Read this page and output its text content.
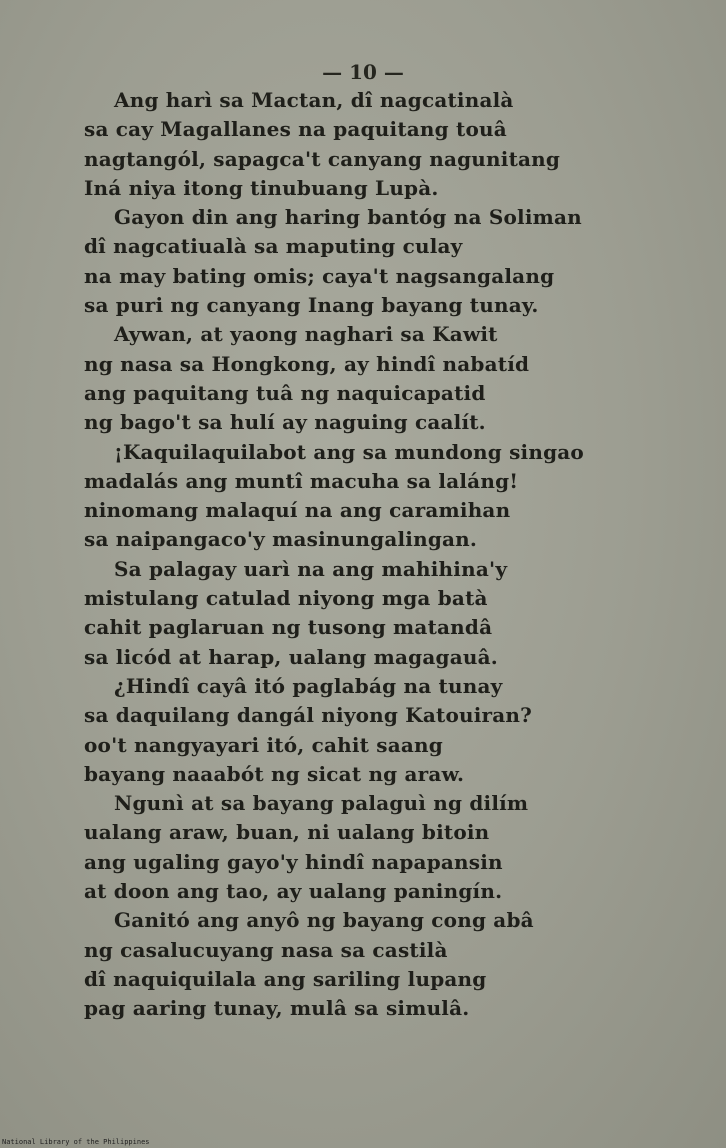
— 10 —
Ang harì sa Mactan, dî nagcatinalà
sa cay Magallanes na paquitang touâ
nagtangól, sapagca't canyang nagunitang
Iná niya itong tinubuang Lupà.
Gayon din ang haring bantóg na Soliman
dî nagcatiualà sa maputing culay
na may bating omis; caya't nagsangalang
sa puri ng canyang Inang bayang tunay.
Aywan, at yaong naghari sa Kawit
ng nasa sa Hongkong, ay hindî nabatíd
ang paquitang tuâ ng naquicapatid
ng bago't sa hulí ay naguing caalít.
¡Kaquilaquilabot ang sa mundong singao
madalás ang muntî macuha sa laláng!
ninomang malaquí na ang caramihan
sa naipangaco'y masinungalingan.
Sa palagay uarì na ang mahihina'y
mistulang catulad niyong mga batà
cahit paglaruan ng tusong matandâ
sa licód at harap, ualang magagauâ.
¿Hindî cayâ itó paglabág na tunay
sa daquilang dangál niyong Katouiran?
oo't nangyayari itó, cahit saang
bayang naaabót ng sicat ng araw.
Ngunì at sa bayang palaguì ng dilím
ualang araw, buan, ni ualang bitoin
ang ugaling gayo'y hindî napapansin
at doon ang tao, ay ualang paningín.
Ganitó ang anyô ng bayang cong abâ
ng casalucuyang nasa sa castilà
dî naquiquilala ang sariling lupang
pag aaring tunay, mulâ sa simulâ.
National Library of the Philippines
